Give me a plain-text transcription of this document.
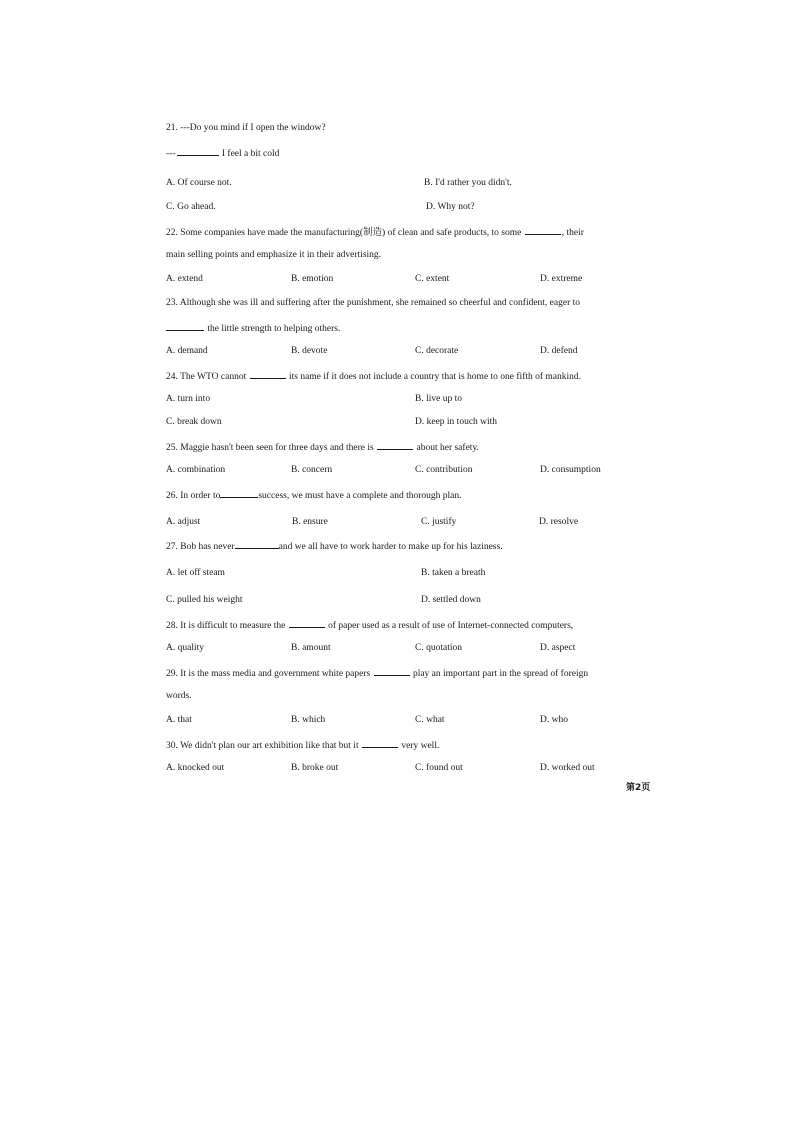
21. ---Do you mind if I open the window?
---	I feel a bit cold
A. Of course not.	B. I'd rather you didn't.
C. Go ahead.	D. Why not?
22. Some companies have made the manufacturing(制造) of clean and safe products, to some	, their
main selling points and emphasize it in their advertising.
A. extend	B. emotion	C. extent	D. extreme
23. Although she was ill and suffering after the punishment, she remained so cheerful and confident, eager to
the little strength to helping others.
A. demand	B. devote	C. decorate	D. defend
24. The WTO cannot	its name if it does not include a country that is home to one fifth of mankind.
A. turn into	B. live up to
C. break down	D. keep in touch with
25. Maggie hasn't been seen for three days and there is	about her safety.
A. combination	B. concern	C. contribution	D. consumption
26. In order to	success, we must have a complete and thorough plan.
A. adjust	B. ensure	C. justify	D. resolve
27. Bob has never	and we all have to work harder to make up for his laziness.
A. let off steam	B. taken a breath
C. pulled his weight	D. settled down
28. It is difficult to measure the	of paper used as a result of use of Internet-connected computers,
A. quality	B. amount	C. quotation	D. aspect
29. It is the mass media and government white papers	play an important part in the spread of foreign
words.
A. that	B. which	C. what	D. who
30. We didn't plan our art exhibition like that but it	very well.
A. knocked out	B. broke out	C. found out	D. worked out
第2页
